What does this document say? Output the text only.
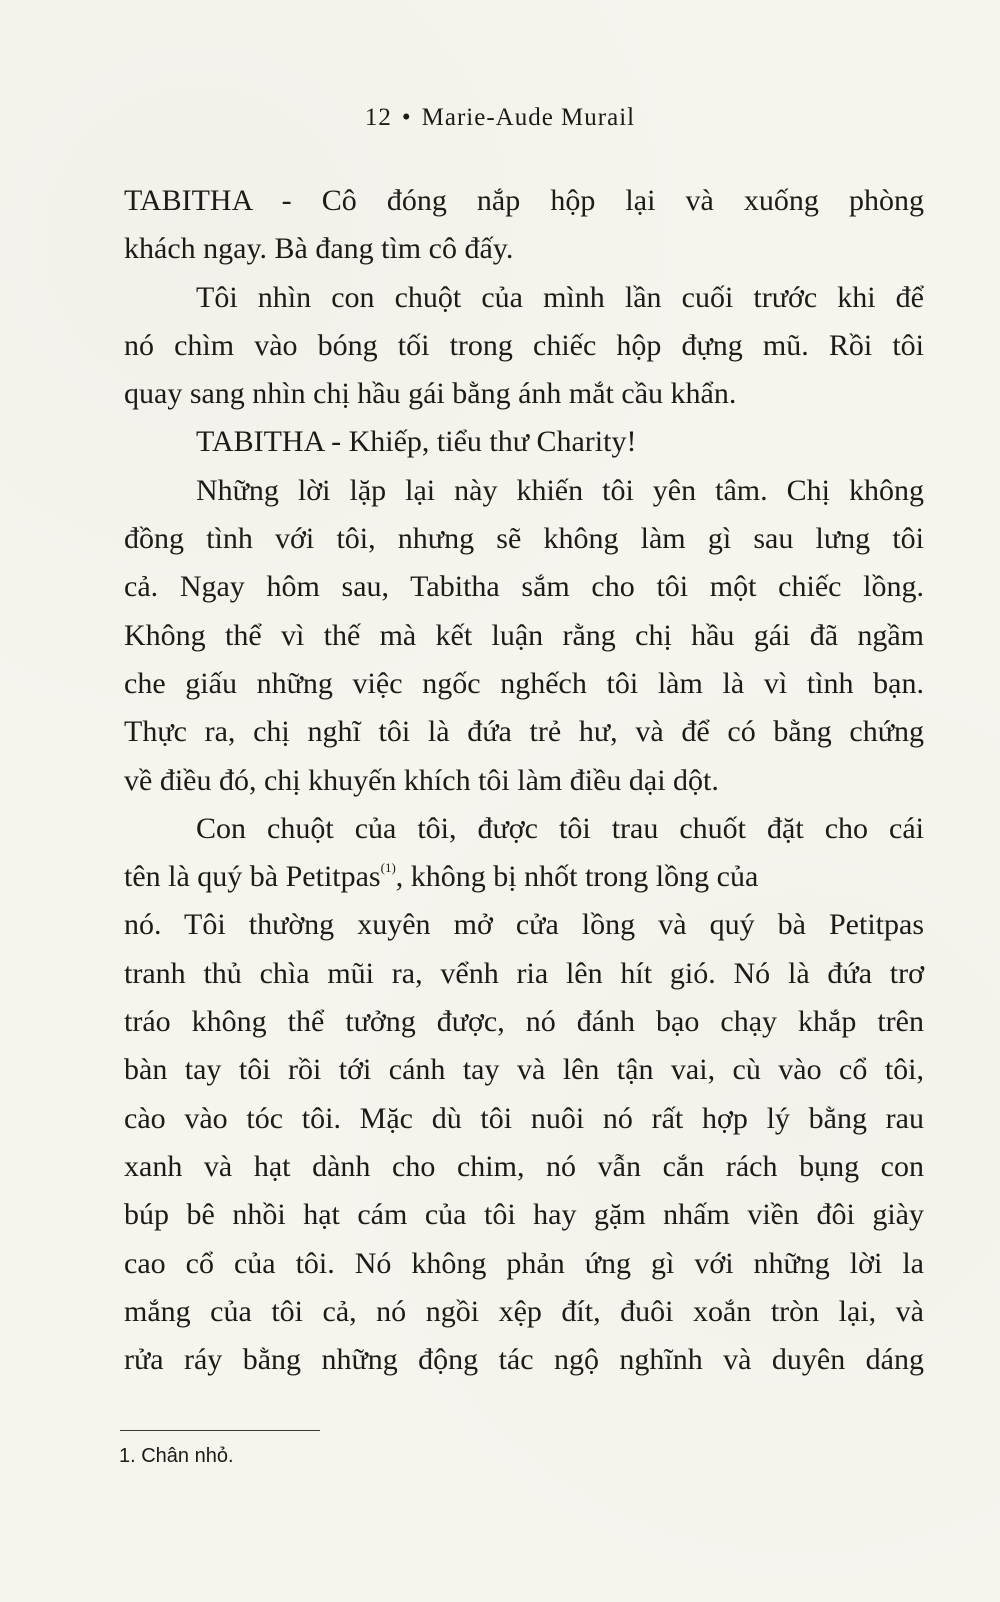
12 • Marie-Aude Murail
TABITHA - Cô đóng nắp hộp lại và xuống phòng
khách ngay. Bà đang tìm cô đấy.
Tôi nhìn con chuột của mình lần cuối trước khi để
nó chìm vào bóng tối trong chiếc hộp đựng mũ. Rồi tôi
quay sang nhìn chị hầu gái bằng ánh mắt cầu khẩn.
TABITHA - Khiếp, tiểu thư Charity!
Những lời lặp lại này khiến tôi yên tâm. Chị không
đồng tình với tôi, nhưng sẽ không làm gì sau lưng tôi
cả. Ngay hôm sau, Tabitha sắm cho tôi một chiếc lồng.
Không thể vì thế mà kết luận rằng chị hầu gái đã ngầm
che giấu những việc ngốc nghếch tôi làm là vì tình bạn.
Thực ra, chị nghĩ tôi là đứa trẻ hư, và để có bằng chứng
về điều đó, chị khuyến khích tôi làm điều dại dột.
Con chuột của tôi, được tôi trau chuốt đặt cho cái
tên là quý bà Petitpas$^{(1)}$, không bị nhốt trong lồng của
nó. Tôi thường xuyên mở cửa lồng và quý bà Petitpas
tranh thủ chìa mũi ra, vểnh ria lên hít gió. Nó là đứa trơ
tráo không thể tưởng được, nó đánh bạo chạy khắp trên
bàn tay tôi rồi tới cánh tay và lên tận vai, cù vào cổ tôi,
cào vào tóc tôi. Mặc dù tôi nuôi nó rất hợp lý bằng rau
xanh và hạt dành cho chim, nó vẫn cắn rách bụng con
búp bê nhồi hạt cám của tôi hay gặm nhấm viền đôi giày
cao cổ của tôi. Nó không phản ứng gì với những lời la
mắng của tôi cả, nó ngồi xệp đít, đuôi xoắn tròn lại, và
rửa ráy bằng những động tác ngộ nghĩnh và duyên dáng
1. Chân nhỏ.
